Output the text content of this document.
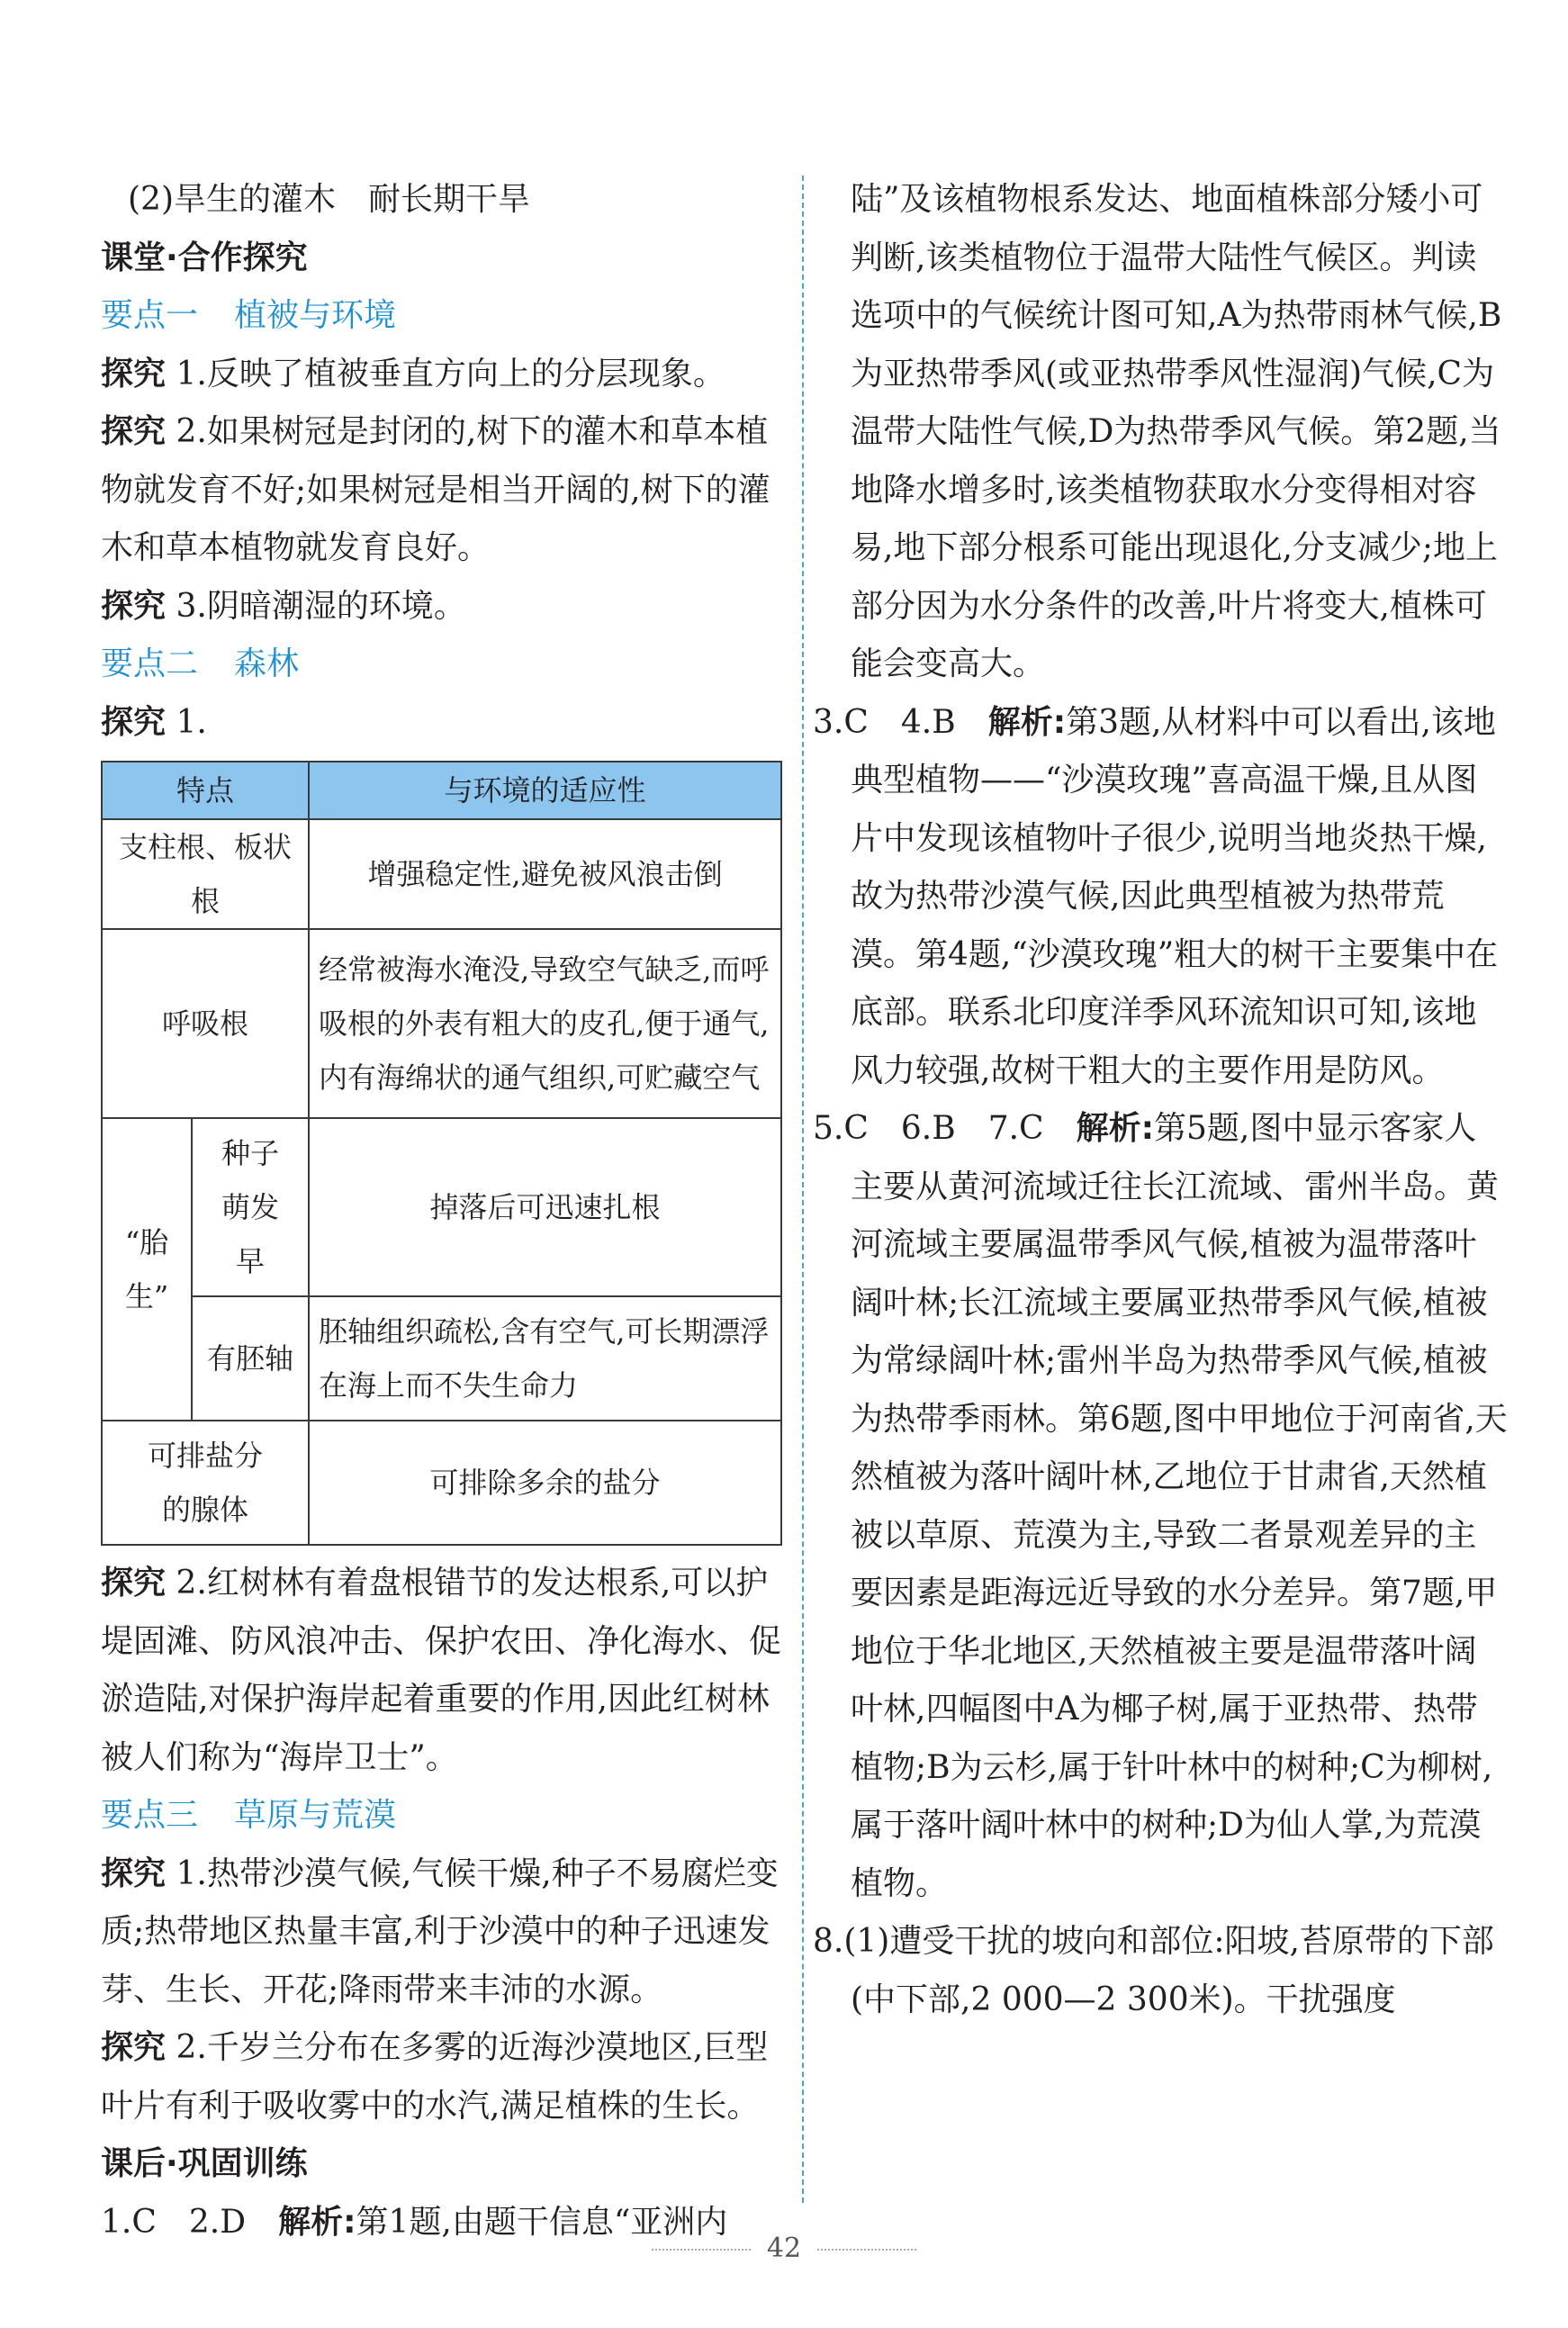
(2)旱生的灌木　耐长期干旱

课堂·合作探究

要点一 植被与环境

探究 1.反映了植被垂直方向上的分层现象。

探究 2.如果树冠是封闭的,树下的灌木和草本植物就发育不好;如果树冠是相当开阔的,树下的灌木和草本植物就发育良好。

探究 3.阴暗潮湿的环境。

要点二 森林

探究 1.

特点		与环境的适应性
支柱根、板状根		增强稳定性,避免被风浪击倒
呼吸根		经常被海水淹没,导致空气缺乏,而呼吸根的外表有粗大的皮孔,便于通气,内有海绵状的通气组织,可贮藏空气
“胎生”	种子萌发早	掉落后可迅速扎根
	有胚轴	胚轴组织疏松,含有空气,可长期漂浮在海上而不失生命力
可排盐分的腺体		可排除多余的盐分

探究 2.红树林有着盘根错节的发达根系,可以护堤固滩、防风浪冲击、保护农田、净化海水、促淤造陆,对保护海岸起着重要的作用,因此红树林被人们称为“海岸卫士”。

要点三 草原与荒漠

探究 1.热带沙漠气候,气候干燥,种子不易腐烂变质;热带地区热量丰富,利于沙漠中的种子迅速发芽、生长、开花;降雨带来丰沛的水源。

探究 2.千岁兰分布在多雾的近海沙漠地区,巨型叶片有利于吸收雾中的水汽,满足植株的生长。

课后·巩固训练

1.C　2.D　解析:第1题,由题干信息“亚洲内

陆”及该植物根系发达、地面植株部分矮小可判断,该类植物位于温带大陆性气候区。判读选项中的气候统计图可知,A为热带雨林气候,B为亚热带季风(或亚热带季风性湿润)气候,C为温带大陆性气候,D为热带季风气候。第2题,当地降水增多时,该类植物获取水分变得相对容易,地下部分根系可能出现退化,分支减少;地上部分因为水分条件的改善,叶片将变大,植株可能会变高大。

3.C　4.B　解析:第3题,从材料中可以看出,该地典型植物——“沙漠玫瑰”喜高温干燥,且从图片中发现该植物叶子很少,说明当地炎热干燥,故为热带沙漠气候,因此典型植被为热带荒漠。第4题,“沙漠玫瑰”粗大的树干主要集中在底部。联系北印度洋季风环流知识可知,该地风力较强,故树干粗大的主要作用是防风。

5.C　6.B　7.C　解析:第5题,图中显示客家人主要从黄河流域迁往长江流域、雷州半岛。黄河流域主要属温带季风气候,植被为温带落叶阔叶林;长江流域主要属亚热带季风气候,植被为常绿阔叶林;雷州半岛为热带季风气候,植被为热带季雨林。第6题,图中甲地位于河南省,天然植被为落叶阔叶林,乙地位于甘肃省,天然植被以草原、荒漠为主,导致二者景观差异的主要因素是距海远近导致的水分差异。第7题,甲地位于华北地区,天然植被主要是温带落叶阔叶林,四幅图中A为椰子树,属于亚热带、热带植物;B为云杉,属于针叶林中的树种;C为柳树,属于落叶阔叶林中的树种;D为仙人掌,为荒漠植物。

8.(1)遭受干扰的坡向和部位:阳坡,苔原带的下部(中下部,2 000—2 300米)。干扰强度

42
